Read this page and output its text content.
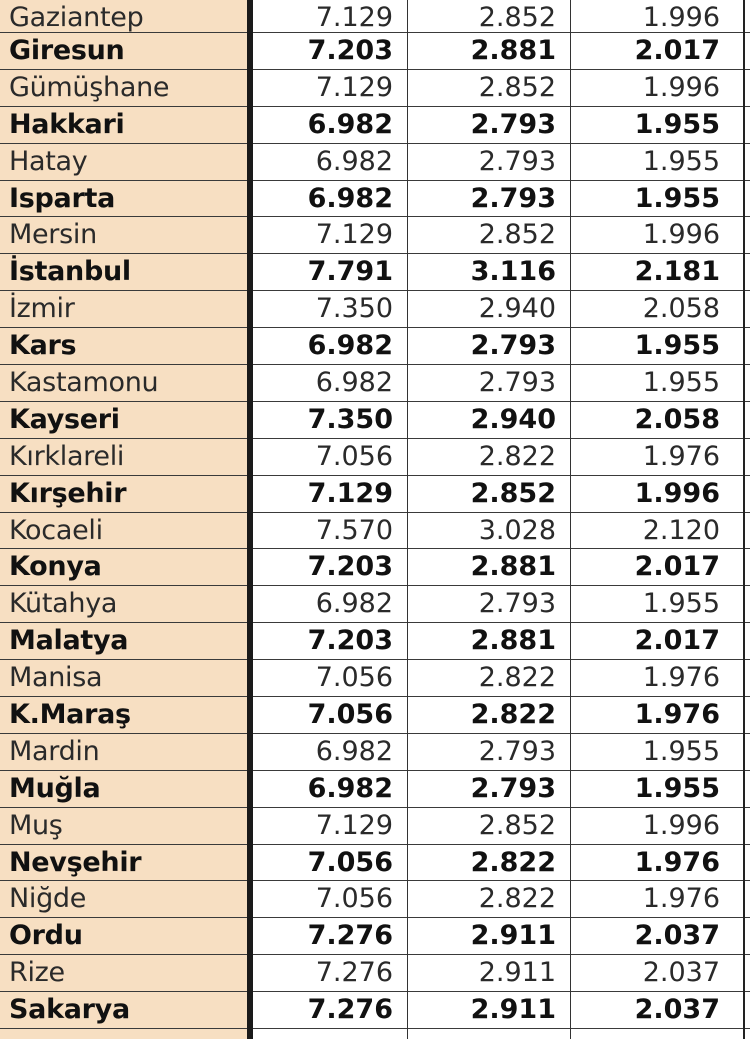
Gaziantep	7.129	2.852	1.996
Giresun	7.203	2.881	2.017
Gümüşhane	7.129	2.852	1.996
Hakkari	6.982	2.793	1.955
Hatay	6.982	2.793	1.955
Isparta	6.982	2.793	1.955
Mersin	7.129	2.852	1.996
İstanbul	7.791	3.116	2.181
İzmir	7.350	2.940	2.058
Kars	6.982	2.793	1.955
Kastamonu	6.982	2.793	1.955
Kayseri	7.350	2.940	2.058
Kırklareli	7.056	2.822	1.976
Kırşehir	7.129	2.852	1.996
Kocaeli	7.570	3.028	2.120
Konya	7.203	2.881	2.017
Kütahya	6.982	2.793	1.955
Malatya	7.203	2.881	2.017
Manisa	7.056	2.822	1.976
K.Maraş	7.056	2.822	1.976
Mardin	6.982	2.793	1.955
Muğla	6.982	2.793	1.955
Muş	7.129	2.852	1.996
Nevşehir	7.056	2.822	1.976
Niğde	7.056	2.822	1.976
Ordu	7.276	2.911	2.037
Rize	7.276	2.911	2.037
Sakarya	7.276	2.911	2.037
